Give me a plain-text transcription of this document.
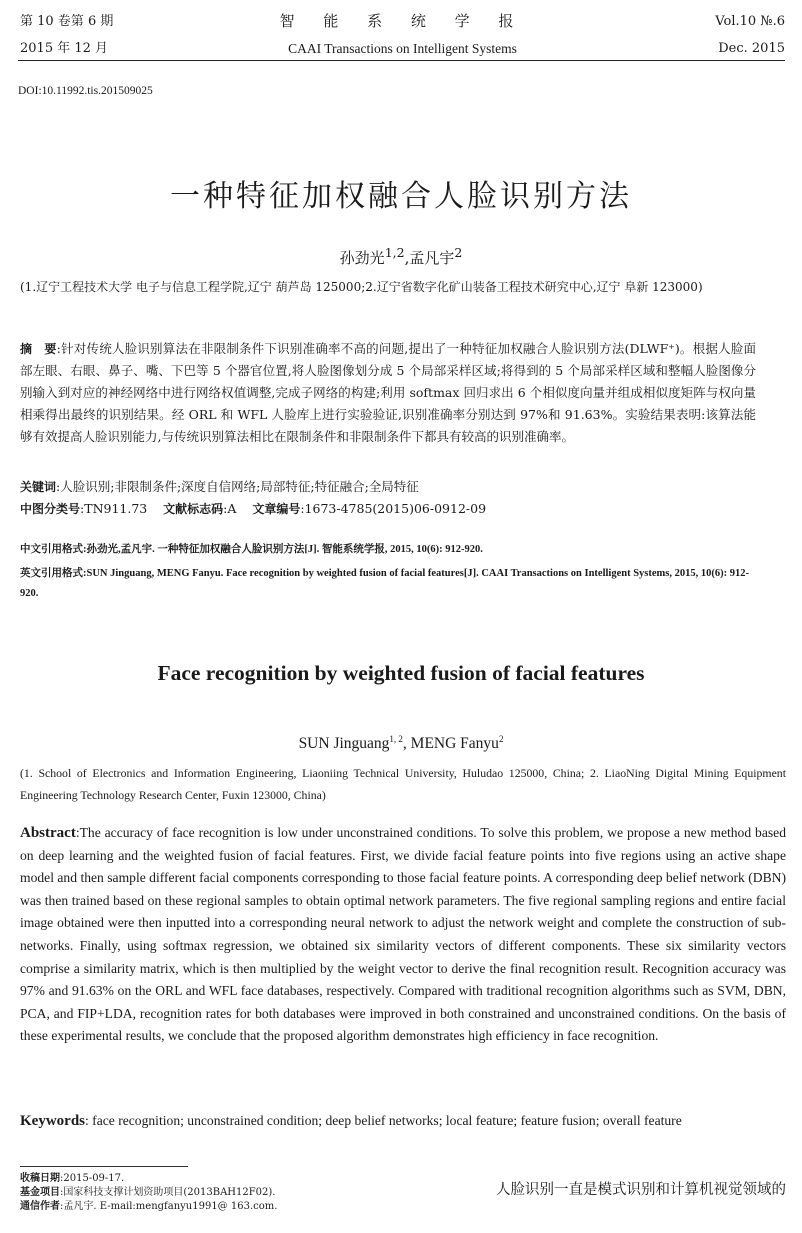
第 10 卷第 6 期	智 能 系 统 学 报	Vol.10 №.6
2015 年 12 月	CAAI Transactions on Intelligent Systems	Dec. 2015
DOI:10.11992.tis.201509025
一种特征加权融合人脸识别方法
孙劲光$^{1,2}$,孟凡宇$^2$
(1.辽宁工程技术大学 电子与信息工程学院,辽宁 葫芦岛 125000;2.辽宁省数字化矿山装备工程技术研究中心,辽宁 阜新 123000)
摘　要:针对传统人脸识别算法在非限制条件下识别准确率不高的问题,提出了一种特征加权融合人脸识别方法(DLWF⁺)。根据人脸面部左眼、右眼、鼻子、嘴、下巴等 5 个器官位置,将人脸图像划分成 5 个局部采样区域;将得到的 5 个局部采样区域和整幅人脸图像分别输入到对应的神经网络中进行网络权值调整,完成子网络的构建;利用 softmax 回归求出 6 个相似度向量并组成相似度矩阵与权向量相乘得出最终的识别结果。经 ORL 和 WFL 人脸库上进行实验验证,识别准确率分别达到 97%和 91.63%。实验结果表明:该算法能够有效提高人脸识别能力,与传统识别算法相比在限制条件和非限制条件下都具有较高的识别准确率。
关键词:人脸识别;非限制条件;深度自信网络;局部特征;特征融合;全局特征
中图分类号:TN911.73 文献标志码:A 文章编号:1673-4785(2015)06-0912-09
中文引用格式:孙劲光,孟凡宇. 一种特征加权融合人脸识别方法[J]. 智能系统学报, 2015, 10(6): 912-920.
英文引用格式:SUN Jinguang, MENG Fanyu. Face recognition by weighted fusion of facial features[J]. CAAI Transactions on Intelligent Systems, 2015, 10(6): 912-920.
Face recognition by weighted fusion of facial features
SUN Jinguang$^{1, 2}$, MENG Fanyu$^2$
(1. School of Electronics and Information Engineering, Liaoniing Technical University, Huludao 125000, China; 2. LiaoNing Digital Mining Equipment Engineering Technology Research Center, Fuxin 123000, China)
Abstract:The accuracy of face recognition is low under unconstrained conditions. To solve this problem, we propose a new method based on deep learning and the weighted fusion of facial features. First, we divide facial feature points into five regions using an active shape model and then sample different facial components corresponding to those facial feature points. A corresponding deep belief network (DBN) was then trained based on these regional samples to obtain optimal network parameters. The five regional sampling regions and entire facial image obtained were then inputted into a corresponding neural network to adjust the network weight and complete the construction of sub-networks. Finally, using softmax regression, we obtained six similarity vectors of different components. These six similarity vectors comprise a similarity matrix, which is then multiplied by the weight vector to derive the final recognition result. Recognition accuracy was 97% and 91.63% on the ORL and WFL face databases, respectively. Compared with traditional recognition algorithms such as SVM, DBN, PCA, and FIP+LDA, recognition rates for both databases were improved in both constrained and unconstrained conditions. On the basis of these experimental results, we conclude that the proposed algorithm demonstrates high efficiency in face recognition.
Keywords: face recognition; unconstrained condition; deep belief networks; local feature; feature fusion; overall feature
收稿日期:2015-09-17.
基金项目:国家科技支撑计划资助项目(2013BAH12F02).
通信作者:孟凡宇. E-mail:mengfanyu1991@ 163.com.
人脸识别一直是模式识别和计算机视觉领域的
